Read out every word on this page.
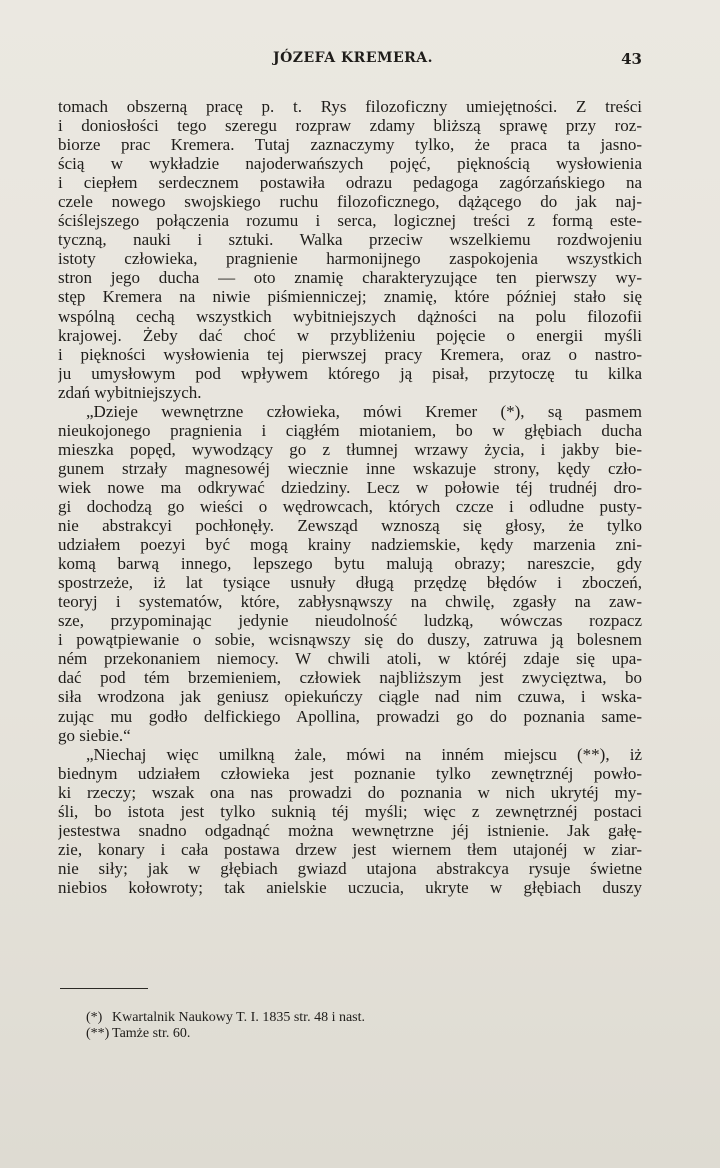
JÓZEFA KREMERA.	43
tomach obszerną pracę p. t. Rys filozoficzny umiejętności. Z treści
i doniosłości tego szeregu rozpraw zdamy bliższą sprawę przy roz-
biorze prac Kremera. Tutaj zaznaczymy tylko, że praca ta jasno-
ścią w wykładzie najoderwańszych pojęć, pięknością wysłowienia
i ciepłem serdecznem postawiła odrazu pedagoga zagórzańskiego na
czele nowego swojskiego ruchu filozoficznego, dążącego do jak naj-
ściślejszego połączenia rozumu i serca, logicznej treści z formą este-
tyczną, nauki i sztuki. Walka przeciw wszelkiemu rozdwojeniu
istoty człowieka, pragnienie harmonijnego zaspokojenia wszystkich
stron jego ducha — oto znamię charakteryzujące ten pierwszy wy-
stęp Kremera na niwie piśmienniczej; znamię, które później stało się
wspólną cechą wszystkich wybitniejszych dążności na polu filozofii
krajowej. Żeby dać choć w przybliżeniu pojęcie o energii myśli
i piękności wysłowienia tej pierwszej pracy Kremera, oraz o nastro-
ju umysłowym pod wpływem którego ją pisał, przytoczę tu kilka
zdań wybitniejszych.
„Dzieje wewnętrzne człowieka, mówi Kremer (*), są pasmem
nieukojonego pragnienia i ciągłém miotaniem, bo w głębiach ducha
mieszka popęd, wywodzący go z tłumnej wrzawy życia, i jakby bie-
gunem strzały magnesowéj wiecznie inne wskazuje strony, kędy czło-
wiek nowe ma odkrywać dziedziny. Lecz w połowie téj trudnéj dro-
gi dochodzą go wieści o wędrowcach, których czcze i odludne pusty-
nie abstrakcyi pochłonęły. Zewsząd wznoszą się głosy, że tylko
udziałem poezyi być mogą krainy nadziemskie, kędy marzenia zni-
komą barwą innego, lepszego bytu malują obrazy; nareszcie, gdy
spostrzeże, iż lat tysiące usnuły długą przędzę błędów i zboczeń,
teoryj i systematów, które, zabłysnąwszy na chwilę, zgasły na zaw-
sze, przypominając jedynie nieudolność ludzką, wówczas rozpacz
i powątpiewanie o sobie, wcisnąwszy się do duszy, zatruwa ją bolesnem
ném przekonaniem niemocy. W chwili atoli, w któréj zdaje się upa-
dać pod tém brzemieniem, człowiek najbliższym jest zwycięztwa, bo
siła wrodzona jak geniusz opiekuńczy ciągle nad nim czuwa, i wska-
zując mu godło delfickiego Apollina, prowadzi go do poznania same-
go siebie.“
„Niechaj więc umilkną żale, mówi na inném miejscu (**), iż
biednym udziałem człowieka jest poznanie tylko zewnętrznéj powło-
ki rzeczy; wszak ona nas prowadzi do poznania w nich ukrytéj my-
śli, bo istota jest tylko suknią téj myśli; więc z zewnętrznéj postaci
jestestwa snadno odgadnąć można wewnętrzne jéj istnienie. Jak gałę-
zie, konary i cała postawa drzew jest wiernem tłem utajonéj w ziar-
nie siły; jak w głębiach gwiazd utajona abstrakcya rysuje świetne
niebios kołowroty; tak anielskie uczucia, ukryte w głębiach duszy
(*) Kwartalnik Naukowy T. I. 1835 str. 48 i nast.
(**) Tamże str. 60.
